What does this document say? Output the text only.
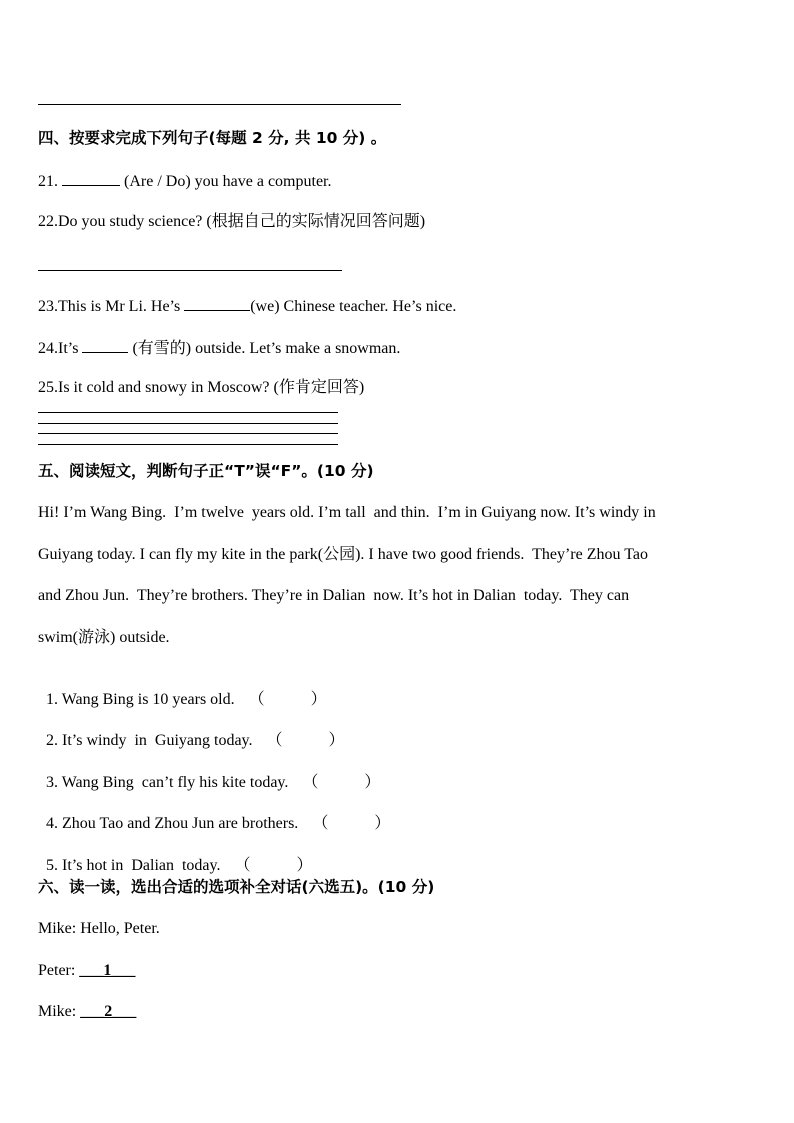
四、按要求完成下列句子(每题 2 分, 共 10 分) 。
21.	(Are / Do) you have a computer.
22.Do you study science? (根据自己的实际情况回答问题)
23.This is Mr Li. He’s	(we) Chinese teacher. He’s nice.
24.It’s	(有雪的) outside. Let’s make a snowman.
25.Is it cold and snowy in Moscow? (作肯定回答)
五、阅读短文，判断句子正“T”误“F”。(10 分)
Hi! I’m Wang Bing.  I’m twelve  years old. I’m tall  and thin.  I’m in Guiyang now. It’s windy in
Guiyang today. I can fly my kite in the park(公园). I have two good friends.  They’re Zhou Tao
and Zhou Jun.  They’re brothers. They’re in Dalian  now. It’s hot in Dalian  today.  They can
swim(游泳) outside.

1. Wang Bing is 10 years old. （	）

2. It’s windy  in  Guiyang today. （	）

3. Wang Bing  can’t fly his kite today. （	）

4. Zhou Tao and Zhou Jun are brothers. （	）

5. It’s hot in  Dalian  today. （	）

六、读一读，选出合适的选项补全对话(六选五)。(10 分)
Mike: Hello, Peter.
Peter: ___1___
Mike: ___2___
